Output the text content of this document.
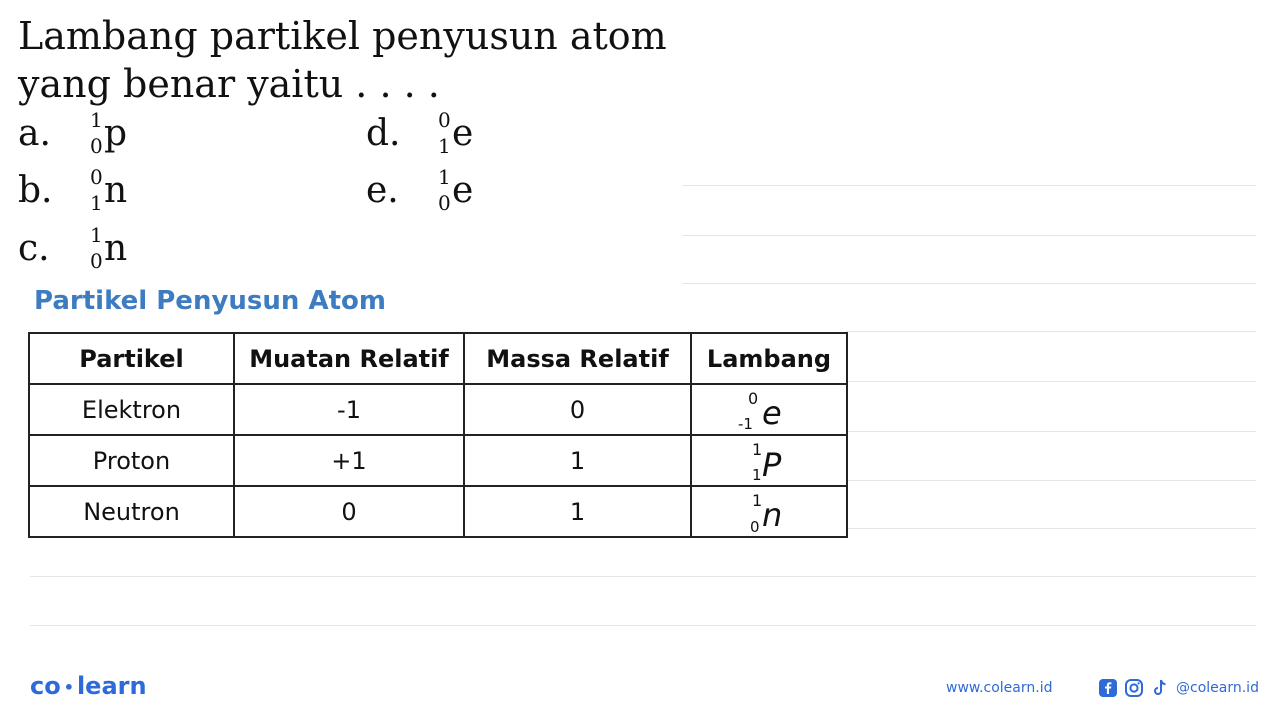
Lambang partikel penyusun atom
yang benar yaitu . . . .
a. 1
0 p
b. 0
1 n
c. 1
0 n
d. 0
1 e
e. 1
0 e
Partikel Penyusun Atom
Partikel	Muatan Relatif	Massa Relatif	Lambang
Elektron	-1	0	0
-1 e

Proton	+1	1	1
1 P

Neutron	0	1	1
0 n
co • learn	www.colearn.id	@colearn.id
